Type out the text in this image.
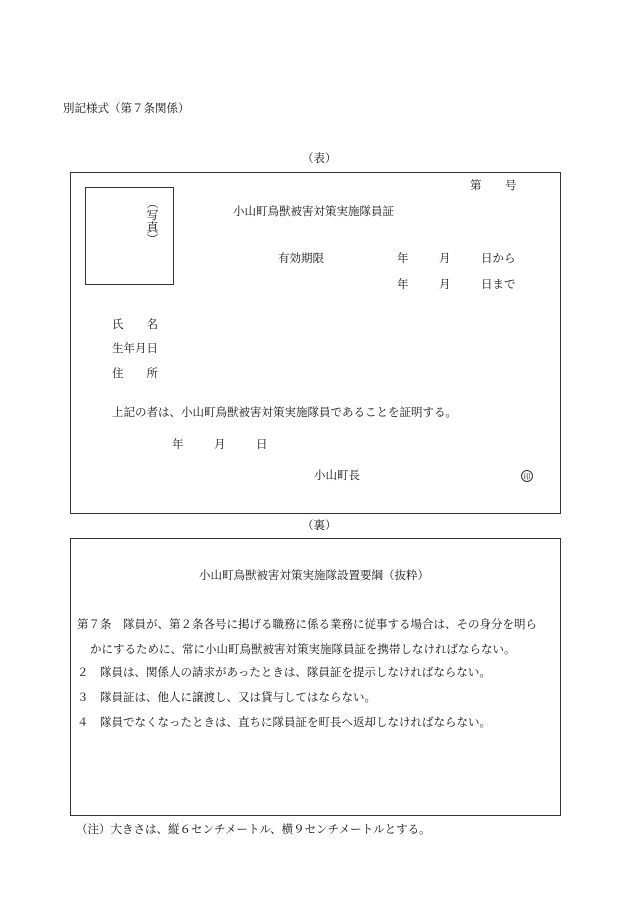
別記様式（第７条関係）
（表）
第 号
（写真）	小山町鳥獣被害対策実施隊員証
有効期限	年	月	日から
年	月	日まで
氏　　名
生年月日
住　　所
上記の者は、小山町鳥獣被害対策実施隊員であることを証明する。
年	月	日
小山町長	印
（裏）
小山町鳥獣被害対策実施隊設置要綱（抜粋）
第７条　隊員が、第２条各号に掲げる職務に係る業務に従事する場合は、その身分を明ら
かにするために、常に小山町鳥獣被害対策実施隊員証を携帯しなければならない。
２　隊員は、関係人の請求があったときは、隊員証を提示しなければならない。
３　隊員証は、他人に譲渡し、又は貸与してはならない。
４　隊員でなくなったときは、直ちに隊員証を町長へ返却しなければならない。
（注）大きさは、縦６センチメートル、横９センチメートルとする。
